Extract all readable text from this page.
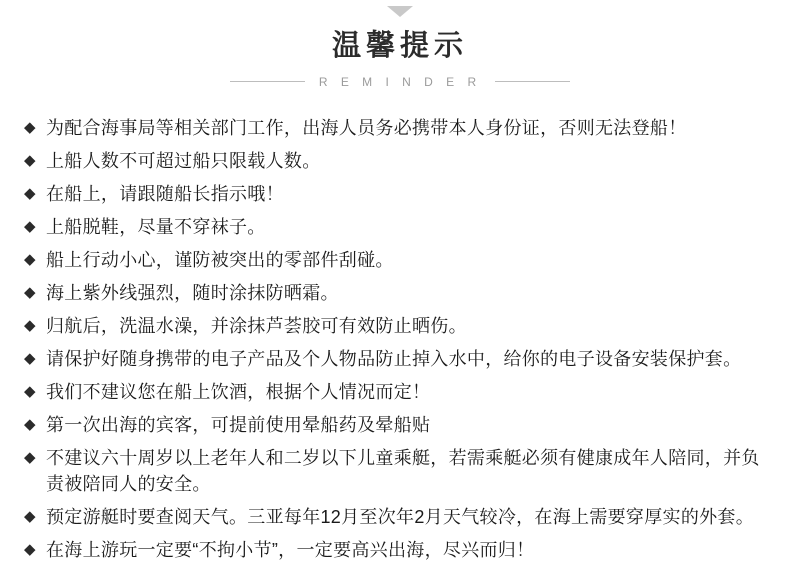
温馨提示
R E M I N D E R
◆ 为配合海事局等相关部门工作，出海人员务必携带本人身份证，否则无法登船！
◆ 上船人数不可超过船只限载人数。
◆ 在船上，请跟随船长指示哦！
◆ 上船脱鞋，尽量不穿袜子。
◆ 船上行动小心，谨防被突出的零部件刮碰。
◆ 海上紫外线强烈，随时涂抹防晒霜。
◆ 归航后，洗温水澡，并涂抹芦荟胶可有效防止晒伤。
◆ 请保护好随身携带的电子产品及个人物品防止掉入水中，给你的电子设备安装保护套。
◆ 我们不建议您在船上饮酒，根据个人情况而定！
◆ 第一次出海的宾客，可提前使用晕船药及晕船贴
◆ 不建议六十周岁以上老年人和二岁以下儿童乘艇，若需乘艇必须有健康成年人陪同，并负责被陪同人的安全。
◆ 预定游艇时要查阅天气。三亚每年12月至次年2月天气较冷，在海上需要穿厚实的外套。
◆ 在海上游玩一定要“不拘小节”，一定要高兴出海，尽兴而归！
